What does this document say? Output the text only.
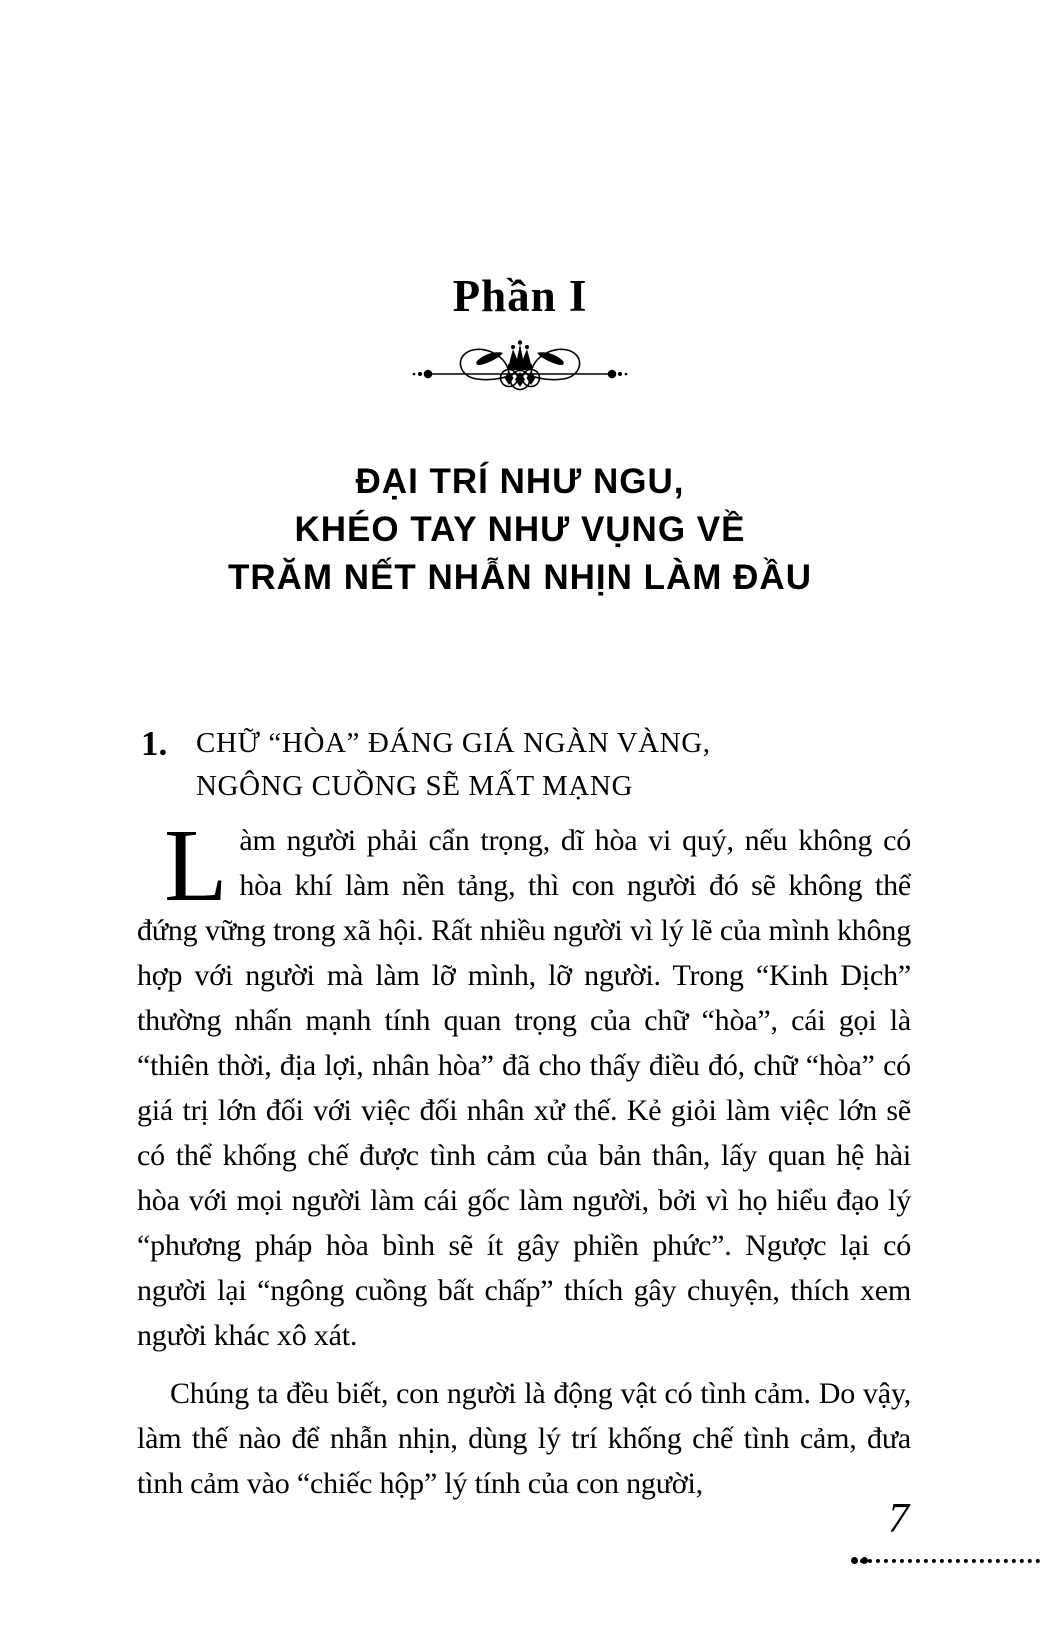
Phần I
ĐẠI TRÍ NHƯ NGU,
KHÉO TAY NHƯ VỤNG VỀ
TRĂM NẾT NHẪN NHỊN LÀM ĐẦU
1. CHỮ “HÒA” ĐÁNG GIÁ NGÀN VÀNG,
NGÔNG CUỒNG SẼ MẤT MẠNG

Làm người phải cẩn trọng, dĩ hòa vi quý, nếu không có hòa khí làm nền tảng, thì con người đó sẽ không thể đứng vững trong xã hội. Rất nhiều người vì lý lẽ của mình không hợp với người mà làm lỡ mình, lỡ người. Trong “Kinh Dịch” thường nhấn mạnh tính quan trọng của chữ “hòa”, cái gọi là “thiên thời, địa lợi, nhân hòa” đã cho thấy điều đó, chữ “hòa” có giá trị lớn đối với việc đối nhân xử thế. Kẻ giỏi làm việc lớn sẽ có thể khống chế được tình cảm của bản thân, lấy quan hệ hài hòa với mọi người làm cái gốc làm người, bởi vì họ hiểu đạo lý “phương pháp hòa bình sẽ ít gây phiền phức”. Ngược lại có người lại “ngông cuồng bất chấp” thích gây chuyện, thích xem người khác xô xát.

Chúng ta đều biết, con người là động vật có tình cảm. Do vậy, làm thế nào để nhẫn nhịn, dùng lý trí khống chế tình cảm, đưa tình cảm vào “chiếc hộp” lý tính của con người,

7
